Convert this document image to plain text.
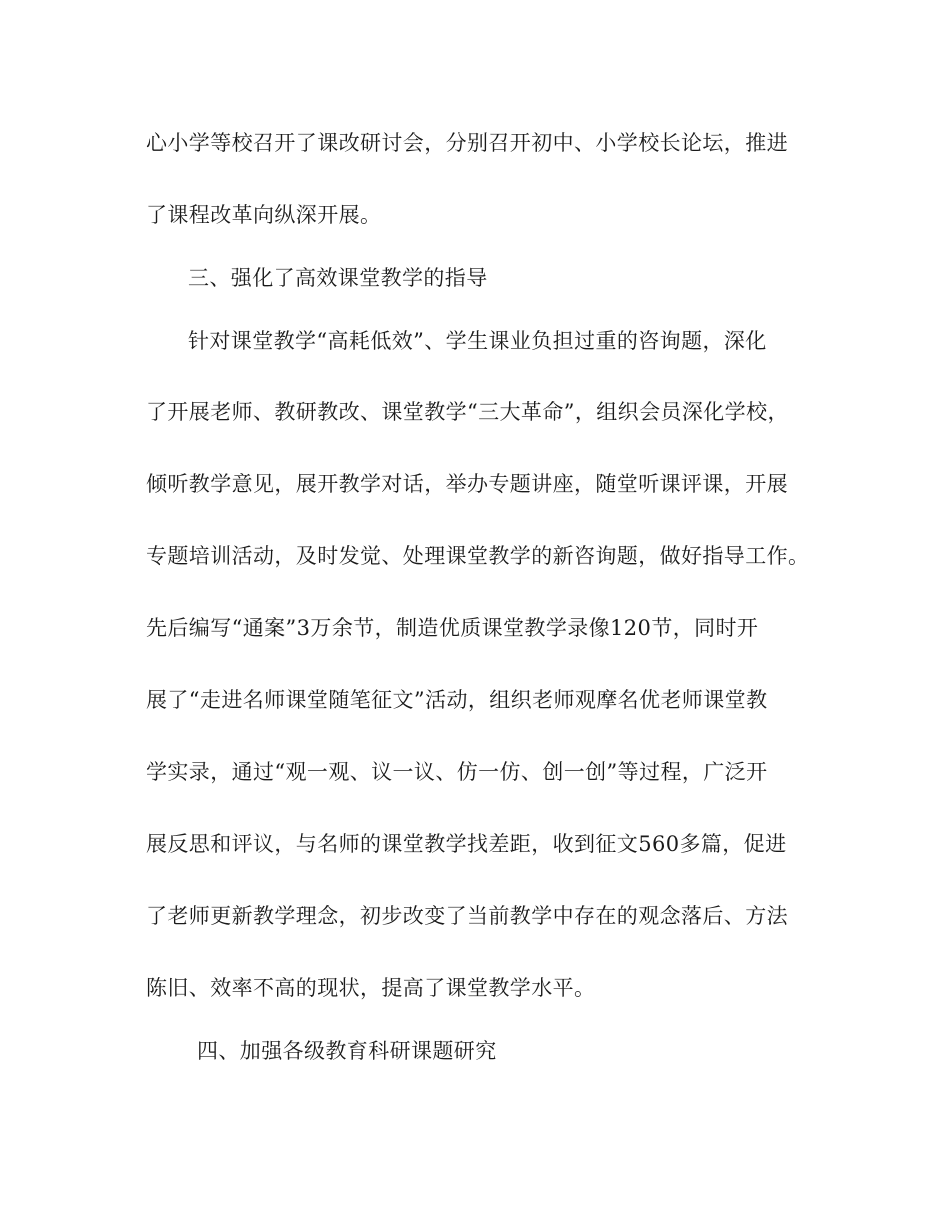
心小学等校召开了课改研讨会，分别召开初中、小学校长论坛，推进
了课程改革向纵深开展。
三、强化了高效课堂教学的指导
针对课堂教学“高耗低效”、学生课业负担过重的咨询题，深化
了开展老师、教研教改、课堂教学“三大革命”，组织会员深化学校，
倾听教学意见，展开教学对话，举办专题讲座，随堂听课评课，开展
专题培训活动，及时发觉、处理课堂教学的新咨询题，做好指导工作。
先后编写“通案”3万余节，制造优质课堂教学录像120节，同时开
展了“走进名师课堂随笔征文”活动，组织老师观摩名优老师课堂教
学实录，通过“观一观、议一议、仿一仿、创一创”等过程，广泛开
展反思和评议，与名师的课堂教学找差距，收到征文560多篇，促进
了老师更新教学理念，初步改变了当前教学中存在的观念落后、方法
陈旧、效率不高的现状，提高了课堂教学水平。
四、加强各级教育科研课题研究
